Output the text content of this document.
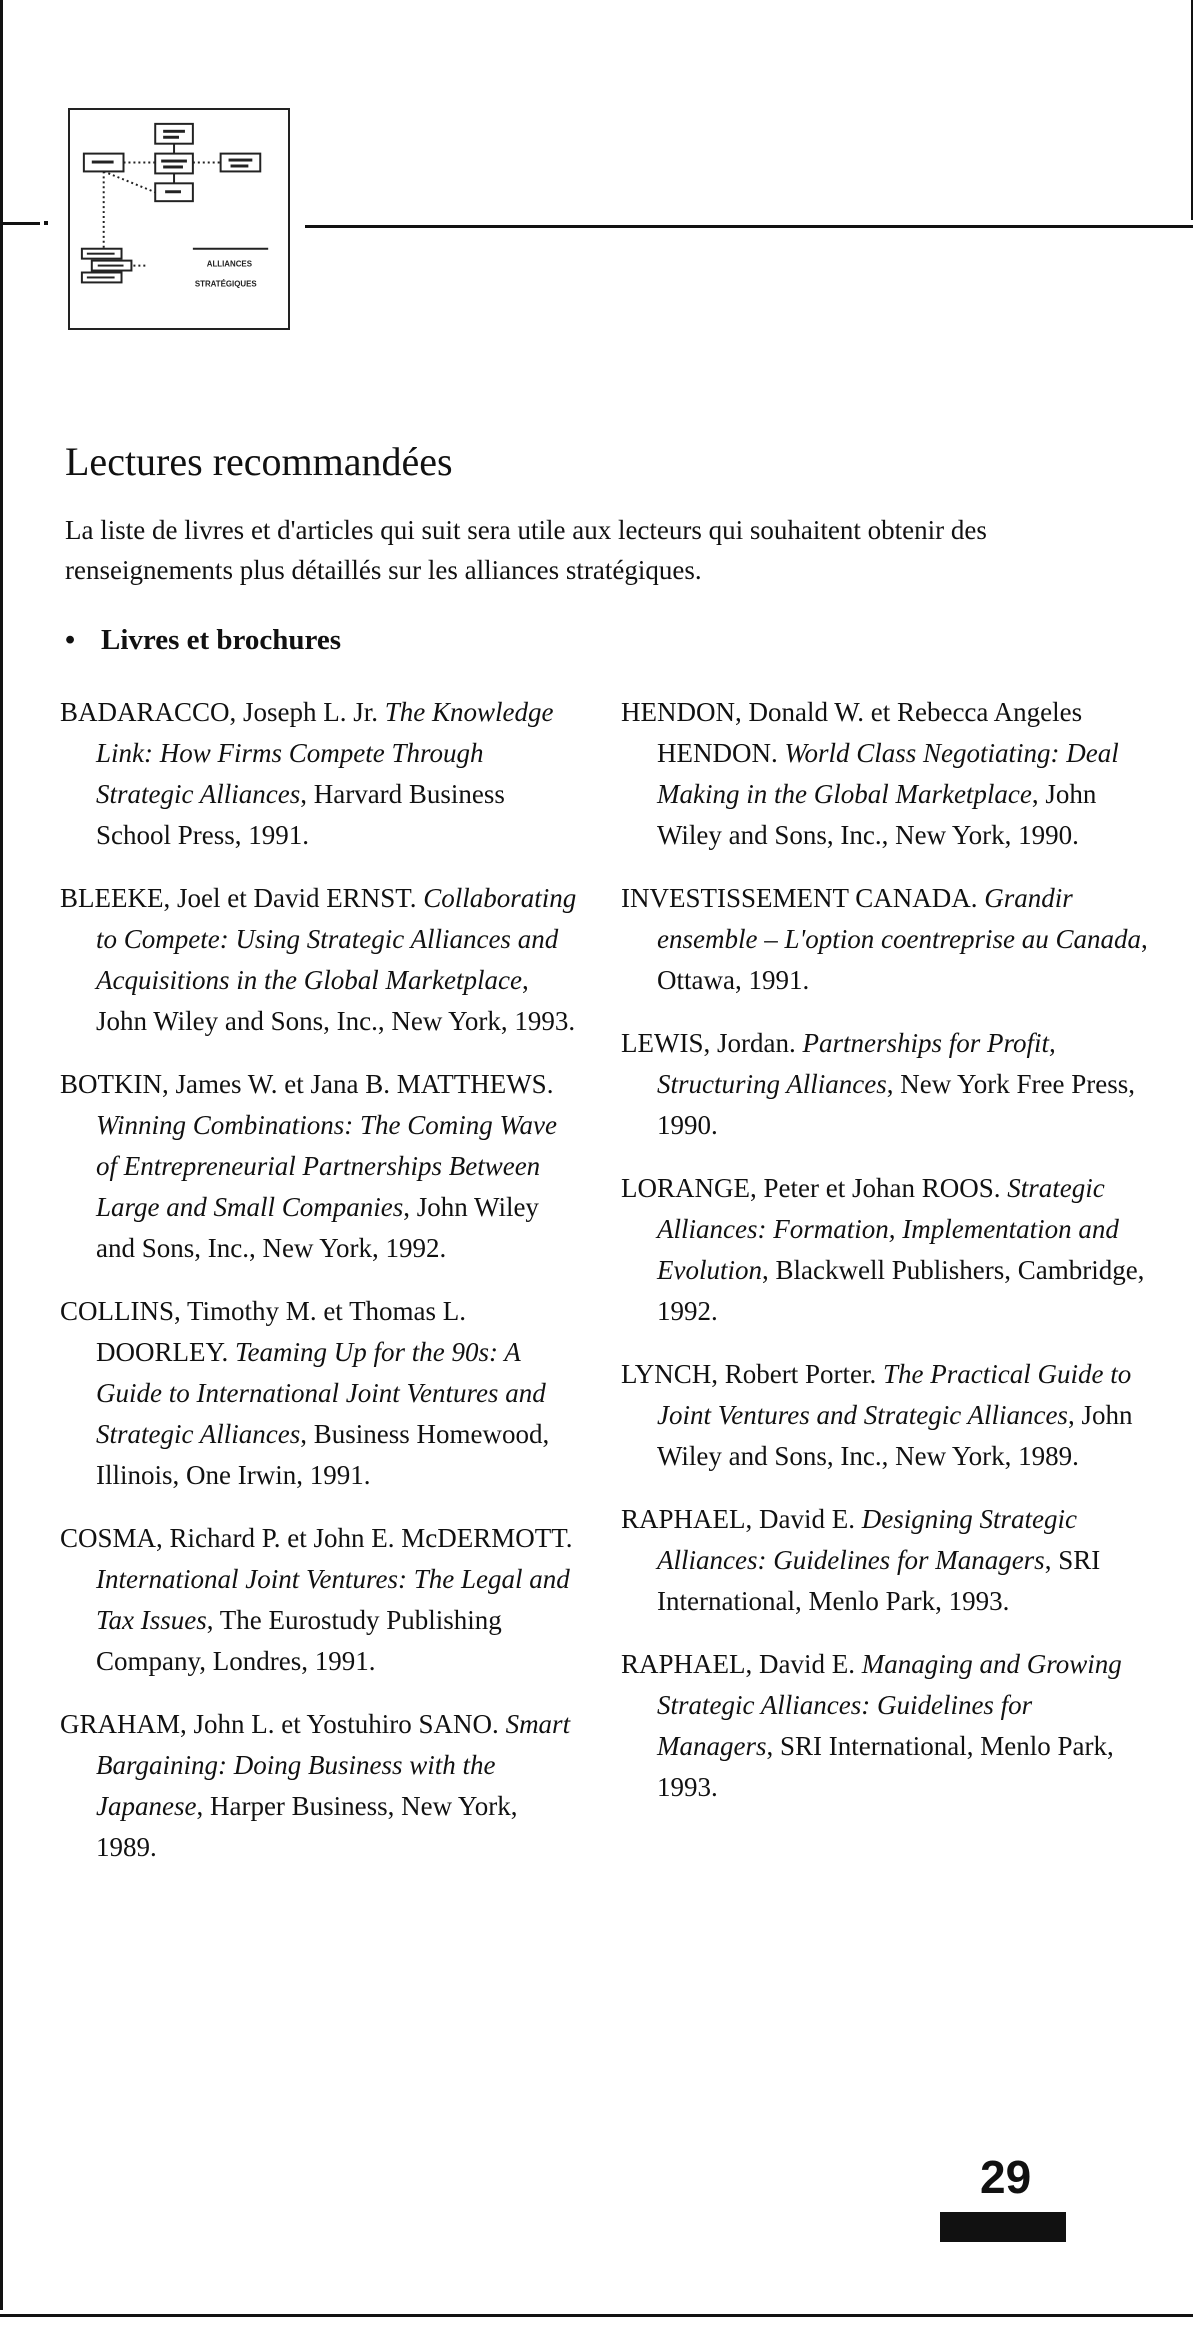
ALLIANCES
STRATÉGIQUES
Lectures recommandées

La liste de livres et d'articles qui suit sera utile aux lecteurs qui souhaitent obtenir des renseignements plus détaillés sur les alliances stratégiques.

• Livres et brochures

BADARACCO, Joseph L. Jr. The Knowledge Link: How Firms Compete Through Strategic Alliances, Harvard Business School Press, 1991.

BLEEKE, Joel et David ERNST. Collaborating to Compete: Using Strategic Alliances and Acquisitions in the Global Marketplace, John Wiley and Sons, Inc., New York, 1993.

BOTKIN, James W. et Jana B. MATTHEWS. Winning Combinations: The Coming Wave of Entrepreneurial Partnerships Between Large and Small Companies, John Wiley and Sons, Inc., New York, 1992.

COLLINS, Timothy M. et Thomas L. DOORLEY. Teaming Up for the 90s: A Guide to International Joint Ventures and Strategic Alliances, Business Homewood, Illinois, One Irwin, 1991.

COSMA, Richard P. et John E. McDERMOTT. International Joint Ventures: The Legal and Tax Issues, The Eurostudy Publishing Company, Londres, 1991.

GRAHAM, John L. et Yostuhiro SANO. Smart Bargaining: Doing Business with the Japanese, Harper Business, New York, 1989.

HENDON, Donald W. et Rebecca Angeles HENDON. World Class Negotiating: Deal Making in the Global Marketplace, John Wiley and Sons, Inc., New York, 1990.

INVESTISSEMENT CANADA. Grandir ensemble – L'option coentreprise au Canada, Ottawa, 1991.

LEWIS, Jordan. Partnerships for Profit, Structuring Alliances, New York Free Press, 1990.

LORANGE, Peter et Johan ROOS. Strategic Alliances: Formation, Implementation and Evolution, Blackwell Publishers, Cambridge, 1992.

LYNCH, Robert Porter. The Practical Guide to Joint Ventures and Strategic Alliances, John Wiley and Sons, Inc., New York, 1989.

RAPHAEL, David E. Designing Strategic Alliances: Guidelines for Managers, SRI International, Menlo Park, 1993.

RAPHAEL, David E. Managing and Growing Strategic Alliances: Guidelines for Managers, SRI International, Menlo Park, 1993.

29
